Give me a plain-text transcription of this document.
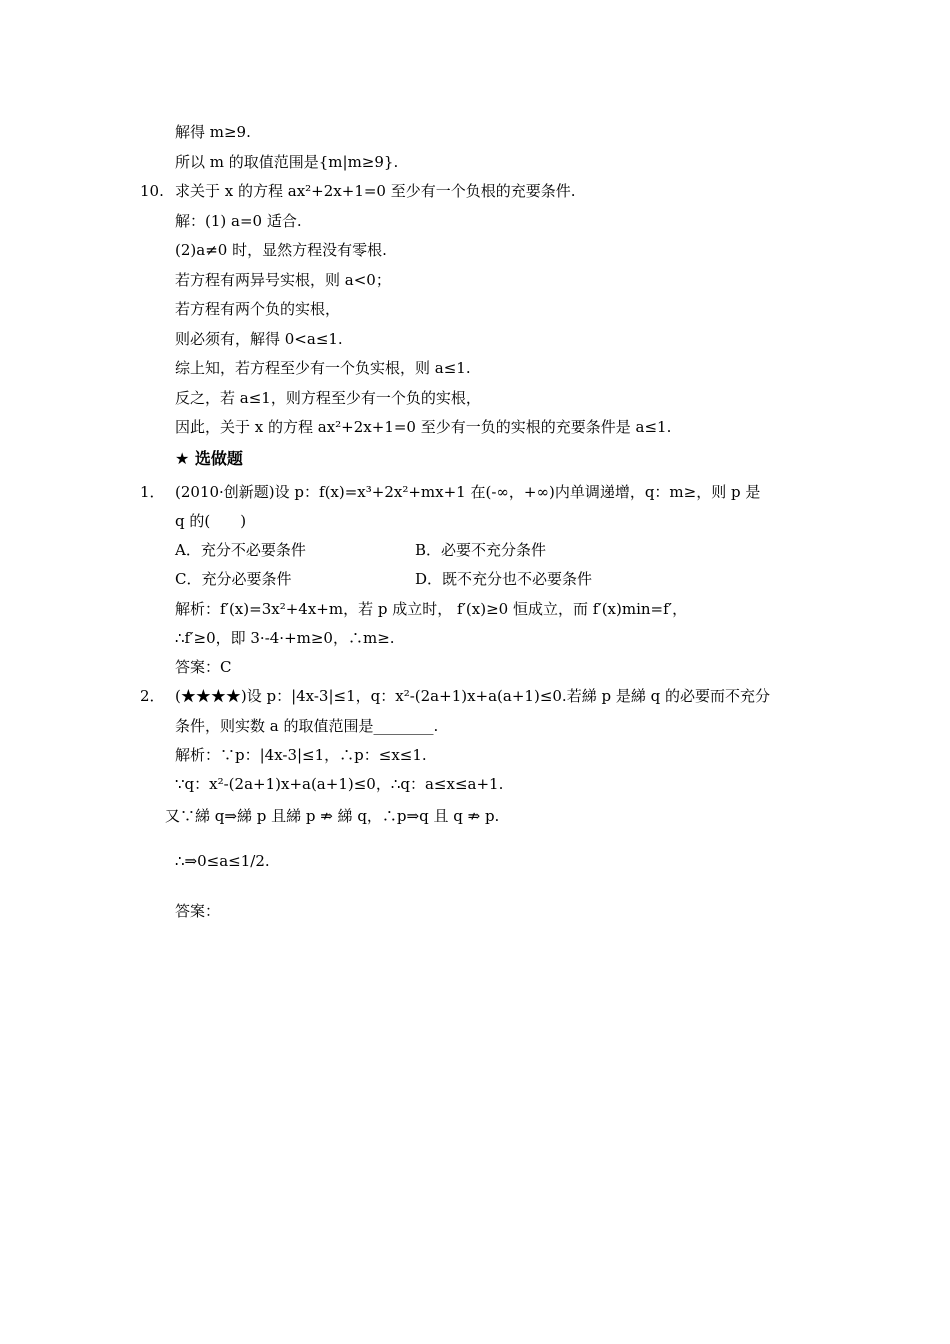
解得 m≥9.
所以 m 的取值范围是{m|m≥9}.
10. 求关于 x 的方程 ax²+2x+1=0 至少有一个负根的充要条件.
解：(1) a=0 适合.
(2)a≠0 时，显然方程没有零根.
若方程有两异号实根，则 a<0；
若方程有两个负的实根，
则必须有，解得 0<a≤1.
综上知，若方程至少有一个负实根，则 a≤1.
反之，若 a≤1，则方程至少有一个负的实根，
因此，关于 x 的方程 ax²+2x+1=0 至少有一负的实根的充要条件是 a≤1.
★ 选做题
1． (2010·创新题)设 p：f(x)=x³+2x²+mx+1 在(-∞，+∞)内单调递增，q：m≥，则 p 是
q 的(　　)
A．充分不必要条件	B．必要不充分条件
C．充分必要条件	D．既不充分也不必要条件
解析：f′(x)=3x²+4x+m，若 p 成立时， f′(x)≥0 恒成立，而 f′(x)min=f′，
∴f′≥0，即 3·-4·+m≥0，∴m≥.
答案：C
2． (★★★★)设 p：|4x-3|≤1，q：x²-(2a+1)x+a(a+1)≤0.若綈 p 是綈 q 的必要而不充分
条件，则实数 a 的取值范围是________.
解析：∵p：|4x-3|≤1，∴p：≤x≤1.
∵q：x²-(2a+1)x+a(a+1)≤0，∴q：a≤x≤a+1.
又∵綈 q⇒綈 p 且綈 p ⇏ 綈 q，∴p⇒q 且 q ⇏ p.
∴⇒0≤a≤1/2.
答案：
